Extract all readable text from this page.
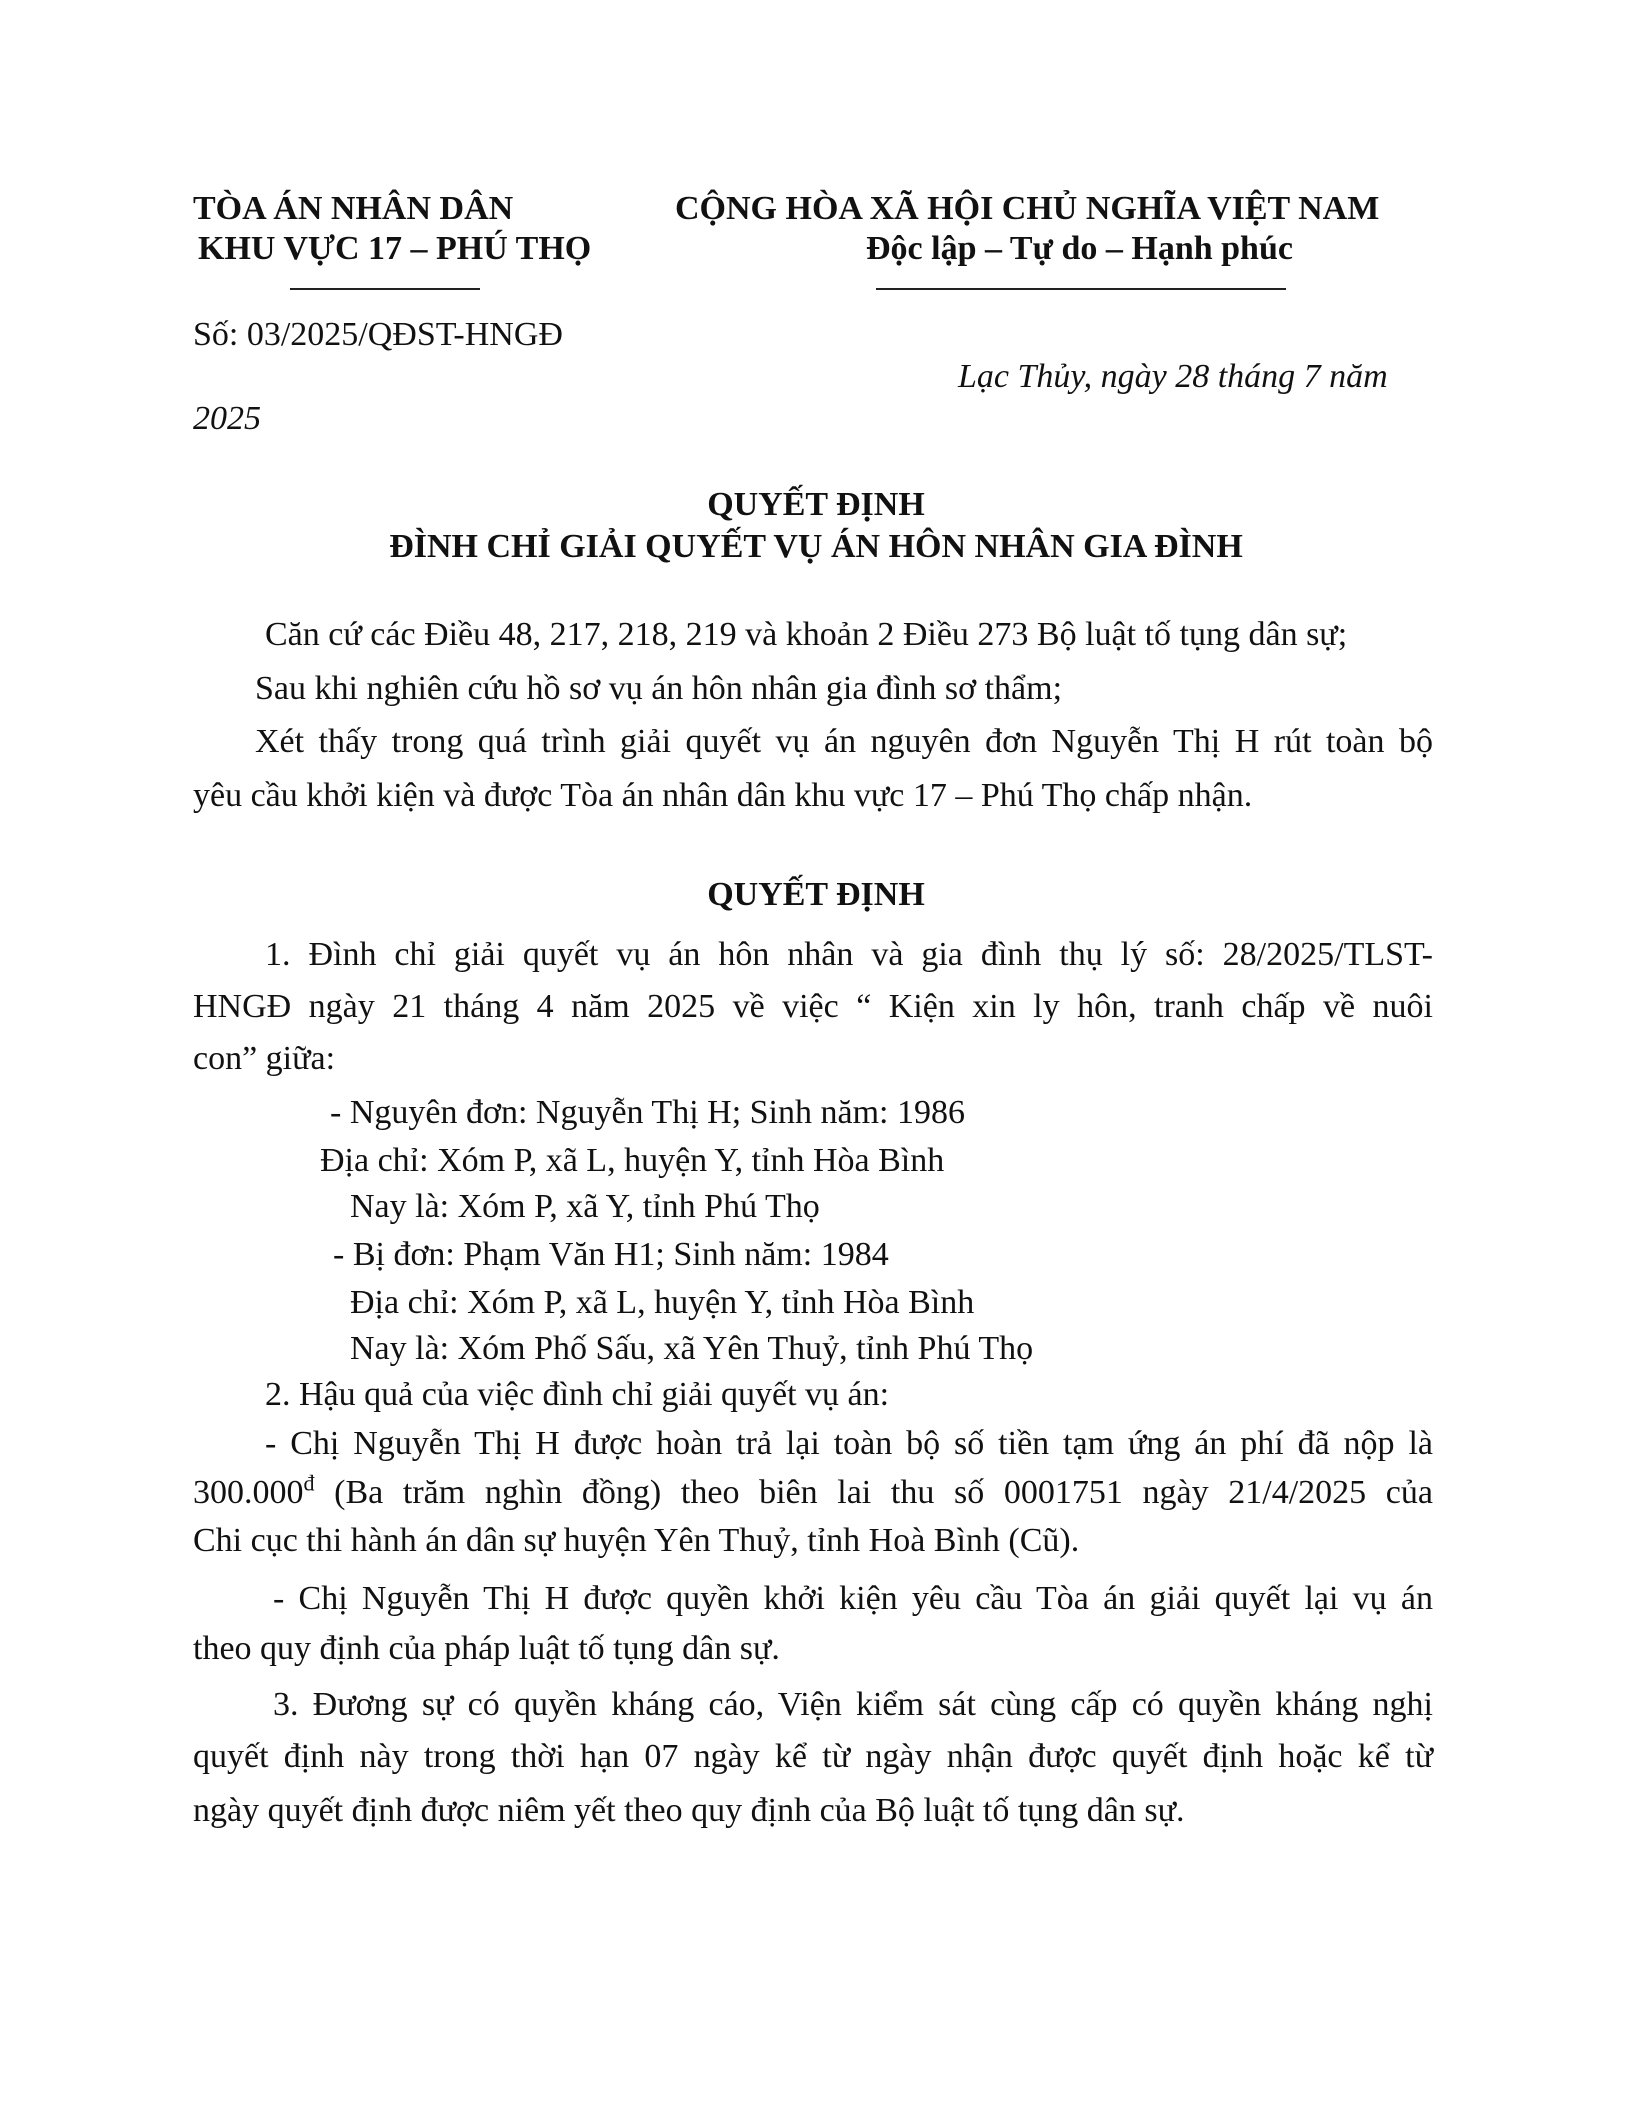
TÒA ÁN NHÂN DÂN
KHU VỰC 17 – PHÚ THỌ
CỘNG HÒA XÃ HỘI CHỦ NGHĨA VIỆT NAM
Độc lập – Tự do – Hạnh phúc
Số: 03/2025/QĐST-HNGĐ
Lạc Thủy, ngày 28 tháng 7 năm
2025
QUYẾT ĐỊNH
ĐÌNH CHỈ GIẢI QUYẾT VỤ ÁN HÔN NHÂN GIA ĐÌNH
Căn cứ các Điều 48, 217, 218, 219 và khoản 2 Điều 273 Bộ luật tố tụng dân sự;
Sau khi nghiên cứu hồ sơ vụ án hôn nhân gia đình sơ thẩm;
Xét thấy trong quá trình giải quyết vụ án nguyên đơn Nguyễn Thị H rút toàn bộ
yêu cầu khởi kiện và được Tòa án nhân dân khu vực 17 – Phú Thọ chấp nhận.
QUYẾT ĐỊNH
1. Đình chỉ giải quyết vụ án hôn nhân và gia đình thụ lý số: 28/2025/TLST-
HNGĐ ngày 21 tháng 4 năm 2025 về việc “ Kiện xin ly hôn, tranh chấp về nuôi
con” giữa:
- Nguyên đơn: Nguyễn Thị H; Sinh năm: 1986
Địa chỉ: Xóm P, xã L, huyện Y, tỉnh Hòa Bình
Nay là: Xóm P, xã Y, tỉnh Phú Thọ
- Bị đơn: Phạm Văn H1; Sinh năm: 1984
Địa chỉ: Xóm P, xã L, huyện Y, tỉnh Hòa Bình
Nay là: Xóm Phố Sấu, xã Yên Thuỷ, tỉnh Phú Thọ
2. Hậu quả của việc đình chỉ giải quyết vụ án:
- Chị Nguyễn Thị H được hoàn trả lại toàn bộ số tiền tạm ứng án phí đã nộp là
$300.000^đ$ (Ba trăm nghìn đồng) theo biên lai thu số 0001751 ngày 21/4/2025 của
Chi cục thi hành án dân sự huyện Yên Thuỷ, tỉnh Hoà Bình (Cũ).
- Chị Nguyễn Thị H được quyền khởi kiện yêu cầu Tòa án giải quyết lại vụ án
theo quy định của pháp luật tố tụng dân sự.
3. Đương sự có quyền kháng cáo, Viện kiểm sát cùng cấp có quyền kháng nghị
quyết định này trong thời hạn 07 ngày kể từ ngày nhận được quyết định hoặc kể từ
ngày quyết định được niêm yết theo quy định của Bộ luật tố tụng dân sự.
